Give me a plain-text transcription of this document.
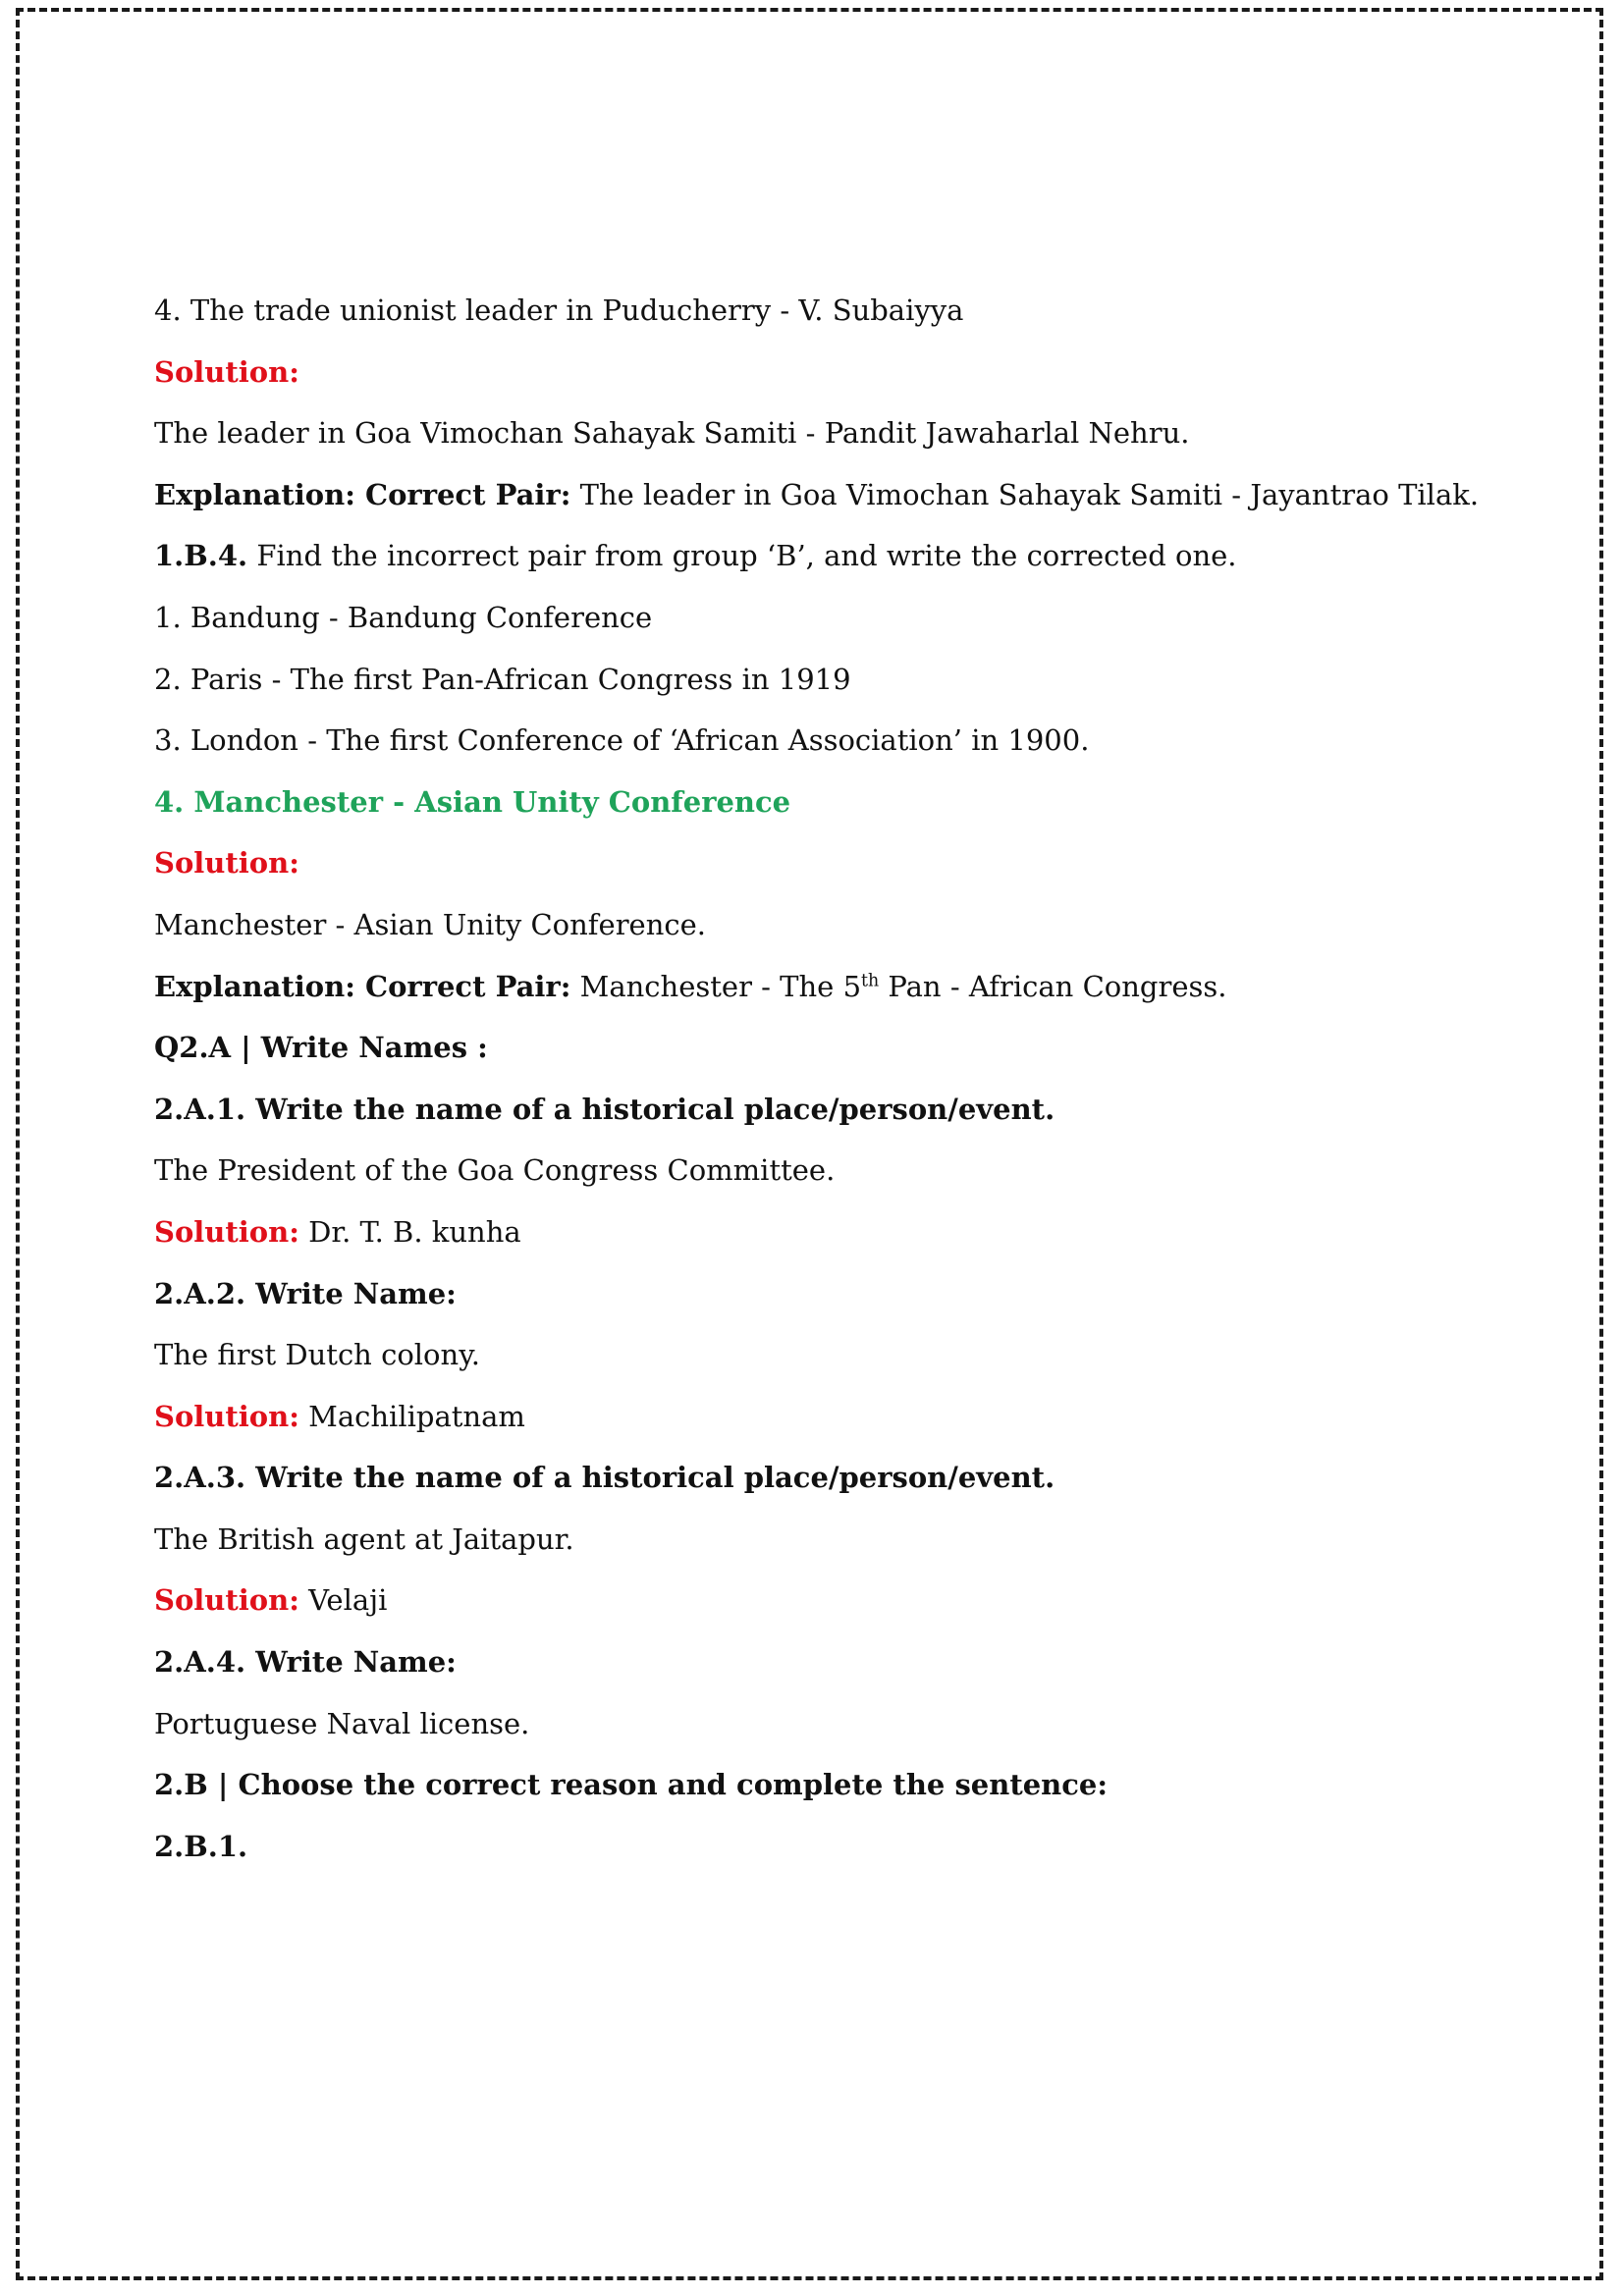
4. The trade unionist leader in Puducherry - V. Subaiyya
Solution:
The leader in Goa Vimochan Sahayak Samiti - Pandit Jawaharlal Nehru.
Explanation: Correct Pair: The leader in Goa Vimochan Sahayak Samiti - Jayantrao Tilak.
1.B.4. Find the incorrect pair from group ‘B’, and write the corrected one.
1. Bandung - Bandung Conference
2. Paris - The first Pan-African Congress in 1919
3. London - The first Conference of ‘African Association’ in 1900.
4. Manchester - Asian Unity Conference
Solution:
Manchester - Asian Unity Conference.
Explanation: Correct Pair: Manchester - The 5th Pan - African Congress.
Q2.A | Write Names :
2.A.1. Write the name of a historical place/person/event.
The President of the Goa Congress Committee.
Solution: Dr. T. B. kunha
2.A.2. Write Name:
The first Dutch colony.
Solution: Machilipatnam
2.A.3. Write the name of a historical place/person/event.
The British agent at Jaitapur.
Solution: Velaji
2.A.4. Write Name:
Portuguese Naval license.
2.B | Choose the correct reason and complete the sentence:
2.B.1.
